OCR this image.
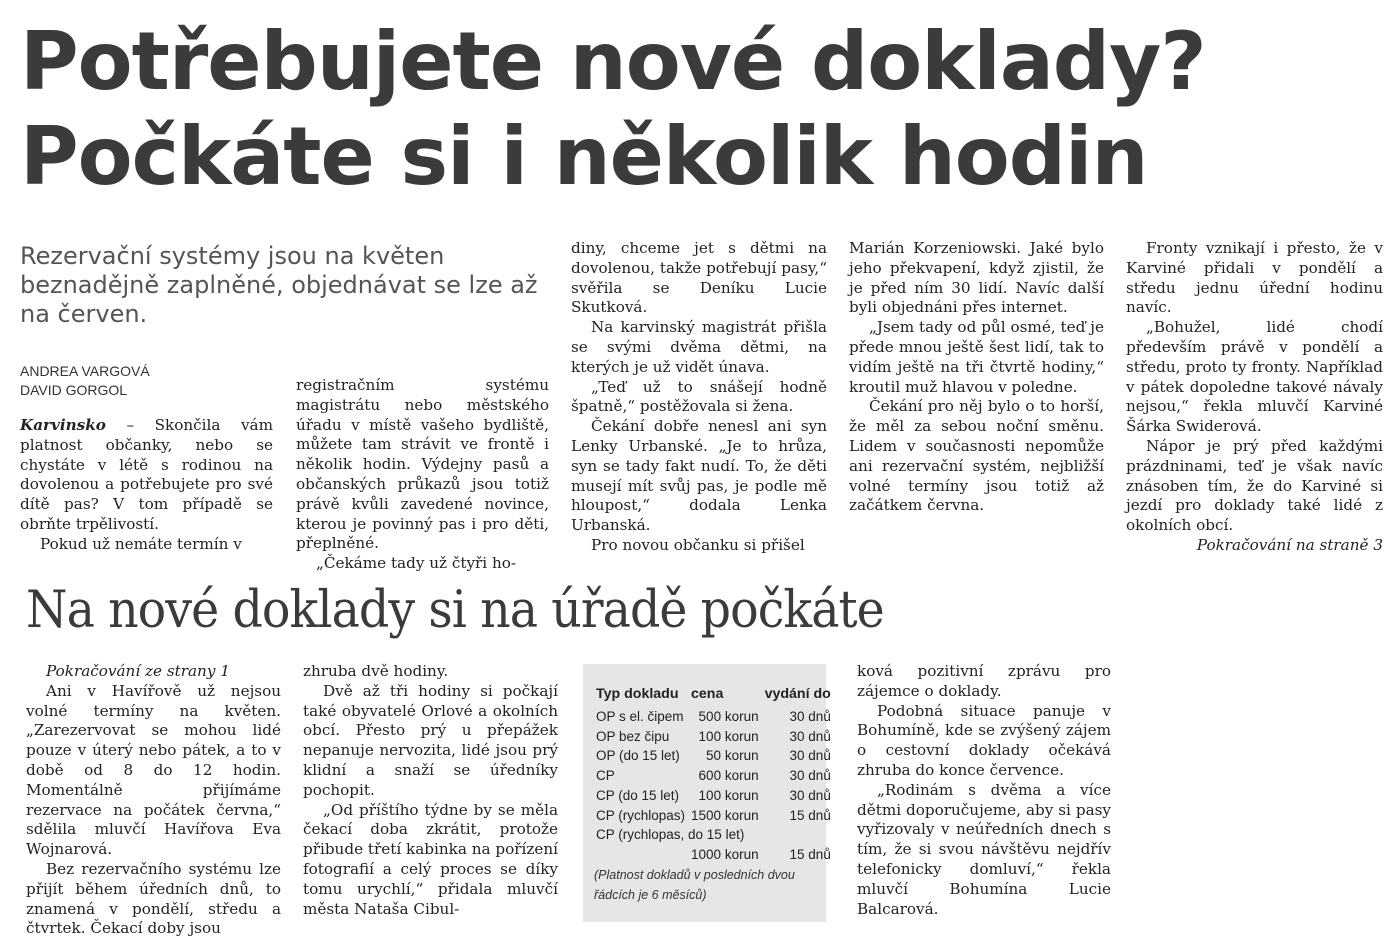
Potřebujete nové doklady?
Počkáte si i několik hodin
Rezervační systémy jsou na květen beznadějně zaplněné, objednávat se lze až na červen.
ANDREA VARGOVÁ
DAVID GORGOL

Karvinsko – Skončila vám platnost občanky, nebo se chystáte v létě s rodinou na dovolenou a potřebujete pro své dítě pas? V tom případě se obrňte trpělivostí.

Pokud už nemáte termín v

registračním systému magistrátu nebo městského úřadu v místě vašeho bydliště, můžete tam strávit ve frontě i několik hodin. Výdejny pasů a občanských průkazů jsou totiž právě kvůli zavedené novince, kterou je povinný pas i pro děti, přeplněné.

„Čekáme tady už čtyři ho-

diny, chceme jet s dětmi na dovolenou, takže potřebují pasy,“ svěřila se Deníku Lucie Skutková.

Na karvinský magistrát přišla se svými dvěma dětmi, na kterých je už vidět únava.

„Teď už to snášejí hodně špatně,“ postěžovala si žena.

Čekání dobře nenesl ani syn Lenky Urbanské. „Je to hrůza, syn se tady fakt nudí. To, že děti musejí mít svůj pas, je podle mě hloupost,“ dodala Lenka Urbanská.

Pro novou občanku si přišel

Marián Korzeniowski. Jaké bylo jeho překvapení, když zjistil, že je před ním 30 lidí. Navíc další byli objednáni přes internet.

„Jsem tady od půl osmé, teď je přede mnou ještě šest lidí, tak to vidím ještě na tři čtvrtě hodiny,“ kroutil muž hlavou v poledne.

Čekání pro něj bylo o to horší, že měl za sebou noční směnu. Lidem v současnosti nepomůže ani rezervační systém, nejbližší volné termíny jsou totiž až začátkem června.

Fronty vznikají i přesto, že v Karviné přidali v pondělí a středu jednu úřední hodinu navíc.

„Bohužel, lidé chodí především právě v pondělí a středu, proto ty fronty. Například v pátek dopoledne takové návaly nejsou,“ řekla mluvčí Karviné Šárka Swiderová.

Nápor je prý před každými prázdninami, teď je však navíc znásoben tím, že do Karviné si jezdí pro doklady také lidé z okolních obcí.

Pokračování na straně 3

Na nové doklady si na úřadě počkáte

Pokračování ze strany 1

Ani v Havířově už nejsou volné termíny na květen. „Zarezervovat se mohou lidé pouze v úterý nebo pátek, a to v době od 8 do 12 hodin. Momentálně přijímáme rezervace na počátek června,“ sdělila mluvčí Havířova Eva Wojnarová.

Bez rezervačního systému lze přijít během úředních dnů, to znamená v pondělí, středu a čtvrtek. Čekací doby jsou

zhruba dvě hodiny.

Dvě až tři hodiny si počkají také obyvatelé Orlové a okolních obcí. Přesto prý u přepážek nepanuje nervozita, lidé jsou prý klidní a snaží se úředníky pochopit.

„Od příštího týdne by se měla čekací doba zkrátit, protože přibude třetí kabinka na pořízení fotografií a celý proces se díky tomu urychlí,“ přidala mluvčí města Nataša Cibul-

Typ dokladu	cena	vydání do
OP s el. čipem	500 korun	30 dnů
OP bez čipu	100 korun	30 dnů
OP (do 15 let)	50 korun	30 dnů
CP	600 korun	30 dnů
CP (do 15 let)	100 korun	30 dnů
CP (rychlopas)	1500 korun	15 dnů
CP (rychlopas, do 15 let)		
	1000 korun	15 dnů

(Platnost dokladů v posledních dvou řádcích je 6 měsíců)

ková pozitivní zprávu pro zájemce o doklady.

Podobná situace panuje v Bohumíně, kde se zvýšený zájem o cestovní doklady očekává zhruba do konce července.

„Rodinám s dvěma a více dětmi doporučujeme, aby si pasy vyřizovaly v neúředních dnech s tím, že si svou návštěvu nejdřív telefonicky domluví,“ řekla mluvčí Bohumína Lucie Balcarová.
